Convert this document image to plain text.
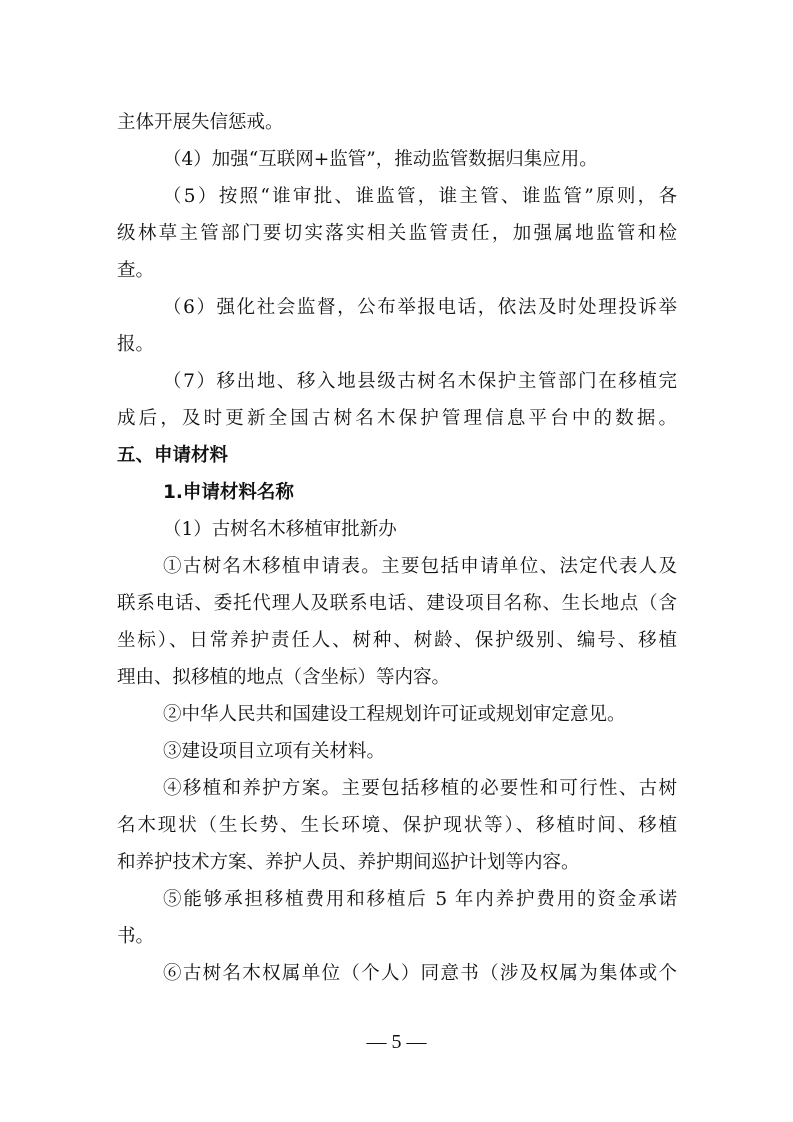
主体开展失信惩戒。
（4）加强“互联网+监管”，推动监管数据归集应用。
（5）按照“谁审批、谁监管，谁主管、谁监管”原则，各
级林草主管部门要切实落实相关监管责任，加强属地监管和检
查。
（6）强化社会监督，公布举报电话，依法及时处理投诉举
报。
（7）移出地、移入地县级古树名木保护主管部门在移植完
成后，及时更新全国古树名木保护管理信息平台中的数据。
五、申请材料
1.申请材料名称
（1）古树名木移植审批新办
①古树名木移植申请表。主要包括申请单位、法定代表人及
联系电话、委托代理人及联系电话、建设项目名称、生长地点（含
坐标）、日常养护责任人、树种、树龄、保护级别、编号、移植
理由、拟移植的地点（含坐标）等内容。
②中华人民共和国建设工程规划许可证或规划审定意见。
③建设项目立项有关材料。
④移植和养护方案。主要包括移植的必要性和可行性、古树
名木现状（生长势、生长环境、保护现状等）、移植时间、移植
和养护技术方案、养护人员、养护期间巡护计划等内容。
⑤能够承担移植费用和移植后 5 年内养护费用的资金承诺
书。
⑥古树名木权属单位（个人）同意书（涉及权属为集体或个
— 5 —
